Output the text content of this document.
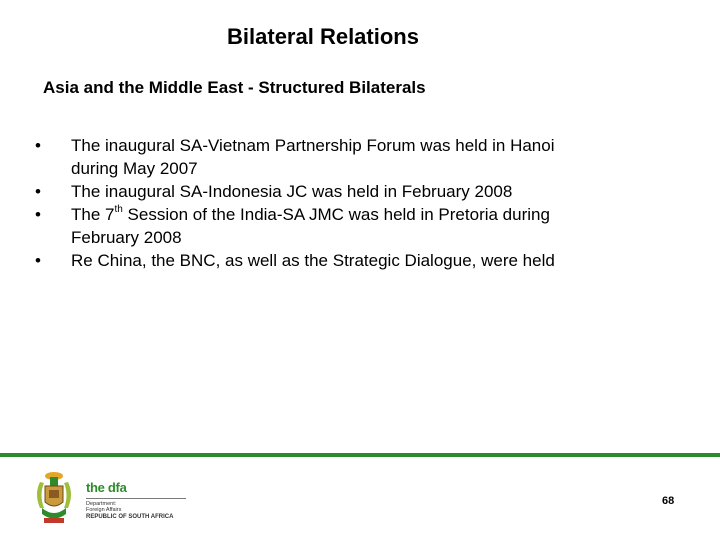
Bilateral Relations
Asia and the Middle East - Structured Bilaterals
•	The inaugural SA-Vietnam Partnership Forum was held in Hanoi
during May 2007
•	The inaugural SA-Indonesia JC was held in February 2008
•	The 7th Session of the India-SA JMC was held in Pretoria during
February 2008
•	Re China, the BNC, as well as the Strategic Dialogue, were held
the dfa
Department:
Foreign Affairs
REPUBLIC OF SOUTH AFRICA
68
